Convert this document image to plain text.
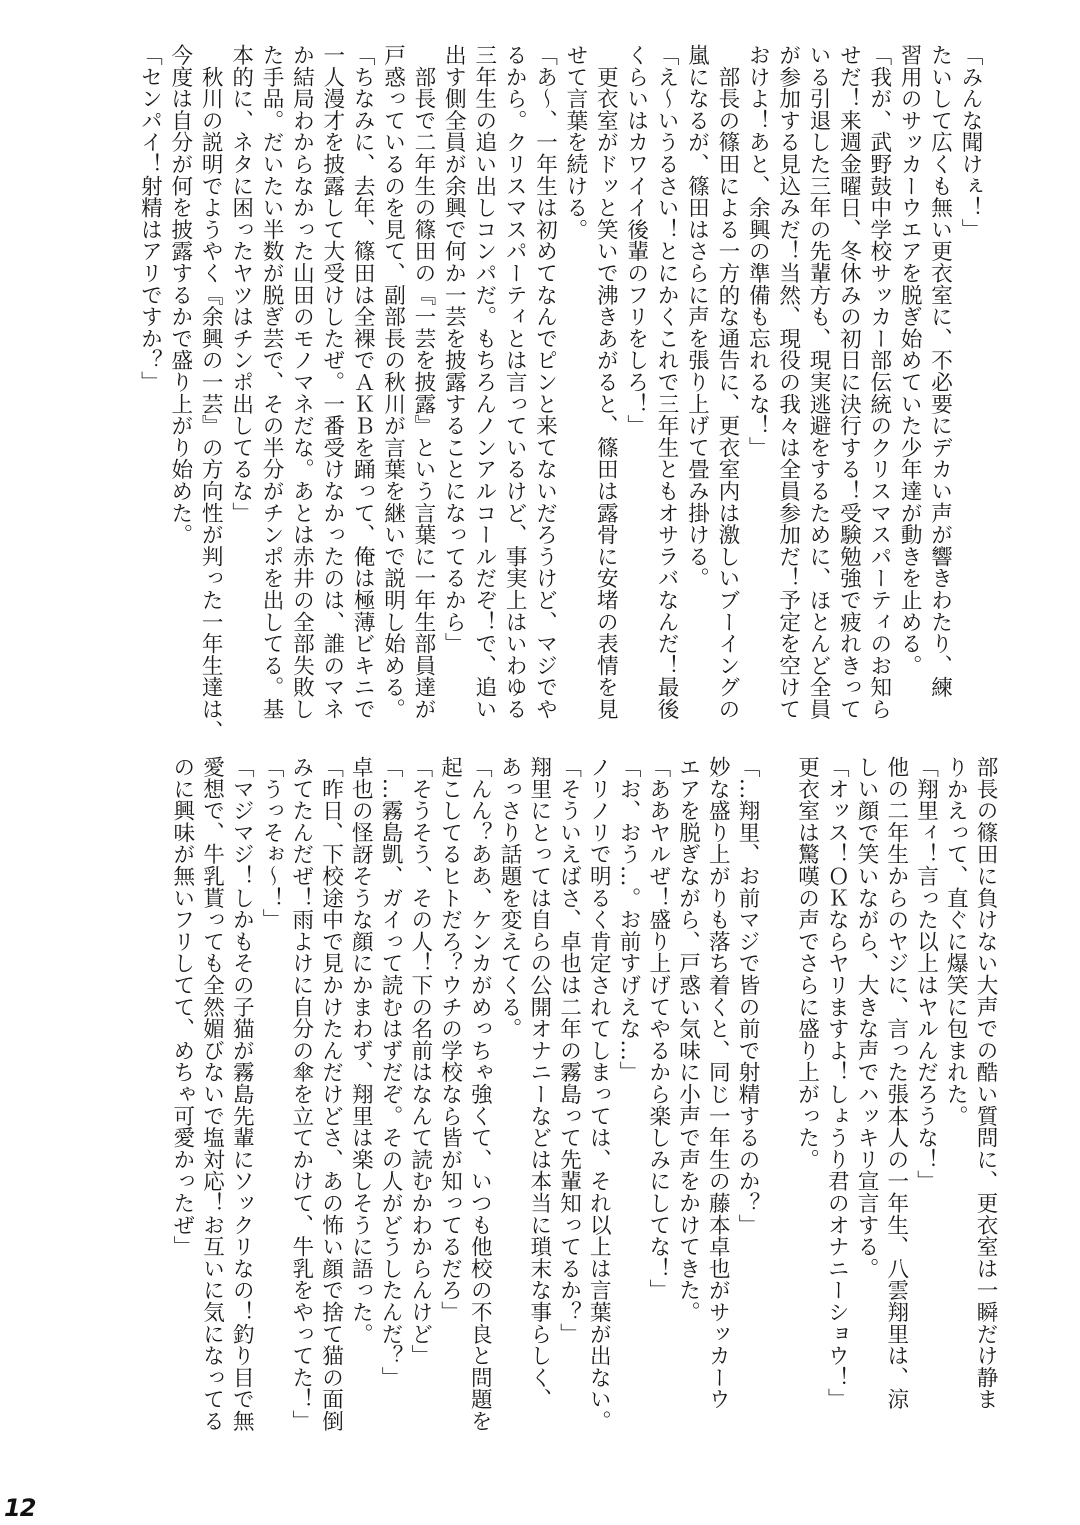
「みんな聞けぇ！」
たいして広くも無い更衣室に、不必要にデカい声が響きわたり、練
習用のサッカーウエアを脱ぎ始めていた少年達が動きを止める。
「我が、武野鼓中学校サッカー部伝統のクリスマスパーティのお知ら
せだ！来週金曜日、冬休みの初日に決行する！受験勉強で疲れきって
いる引退した三年の先輩方も、現実逃避をするために、ほとんど全員
が参加する見込みだ！当然、現役の我々は全員参加だ！予定を空けて
おけよ！あと、余興の準備も忘れるな！」
　部長の篠田による一方的な通告に、更衣室内は激しいブーイングの
嵐になるが、篠田はさらに声を張り上げて畳み掛ける。
「え～いうるさい！とにかくこれで三年生ともオサラバなんだ！最後
くらいはカワイイ後輩のフリをしろ！」
　更衣室がドッと笑いで沸きあがると、篠田は露骨に安堵の表情を見
せて言葉を続ける。
「あ～、一年生は初めてなんでピンと来てないだろうけど、マジでや
るから。クリスマスパーティとは言っているけど、事実上はいわゆる
三年生の追い出しコンパだ。もちろんノンアルコールだぞ！で、追い
出す側全員が余興で何か一芸を披露することになってるから」
　部長で二年生の篠田の『一芸を披露』という言葉に一年生部員達が
戸惑っているのを見て、副部長の秋川が言葉を継いで説明し始める。
「ちなみに、去年、篠田は全裸でＡＫＢを踊って、俺は極薄ビキニで
一人漫才を披露して大受けしたぜ。一番受けなかったのは、誰のマネ
か結局わからなかった山田のモノマネだな。あとは赤井の全部失敗し
た手品。だいたい半数が脱ぎ芸で、その半分がチンポを出してる。基
本的に、ネタに困ったヤツはチンポ出してるな」
　秋川の説明でようやく『余興の一芸』の方向性が判った一年生達は、
今度は自分が何を披露するかで盛り上がり始めた。
「センパイ！射精はアリですか？」
部長の篠田に負けない大声での酷い質問に、更衣室は一瞬だけ静ま
りかえって、直ぐに爆笑に包まれた。
「翔里ィ！言った以上はヤルんだろうな！」
他の二年生からのヤジに、言った張本人の一年生、八雲翔里は、涼
しい顔で笑いながら、大きな声でハッキリ宣言する。
「オッス！ＯＫならヤリますよ！しょうり君のオナニーショウ！」
更衣室は驚嘆の声でさらに盛り上がった。
「…翔里、お前マジで皆の前で射精するのか？」
妙な盛り上がりも落ち着くと、同じ一年生の藤本卓也がサッカーウ
エアを脱ぎながら、戸惑い気味に小声で声をかけてきた。
「ああヤルぜ！盛り上げてやるから楽しみにしてな！」
「お、おう…。お前すげえな…」
ノリノリで明るく肯定されてしまっては、それ以上は言葉が出ない。
「そういえばさ、卓也は二年の霧島って先輩知ってるか？」
翔里にとっては自らの公開オナニーなどは本当に瑣末な事らしく、
あっさり話題を変えてくる。
「んん？ああ、ケンカがめっちゃ強くて、いつも他校の不良と問題を
起こしてるヒトだろ？ウチの学校なら皆が知ってるだろ」
「そうそう、その人！下の名前はなんて読むかわからんけど」
「…霧島凱、ガイって読むはずだぞ。その人がどうしたんだ？」
卓也の怪訝そうな顔にかまわず、翔里は楽しそうに語った。
「昨日、下校途中で見かけたんだけどさ、あの怖い顔で捨て猫の面倒
みてたんだぜ！雨よけに自分の傘を立てかけて、牛乳をやってた！」
「うっそぉ～！」
「マジマジ！しかもその子猫が霧島先輩にソックリなの！釣り目で無
愛想で、牛乳貰っても全然媚びないで塩対応！お互いに気になってる
のに興味が無いフリしてて、めちゃ可愛かったぜ」
12
